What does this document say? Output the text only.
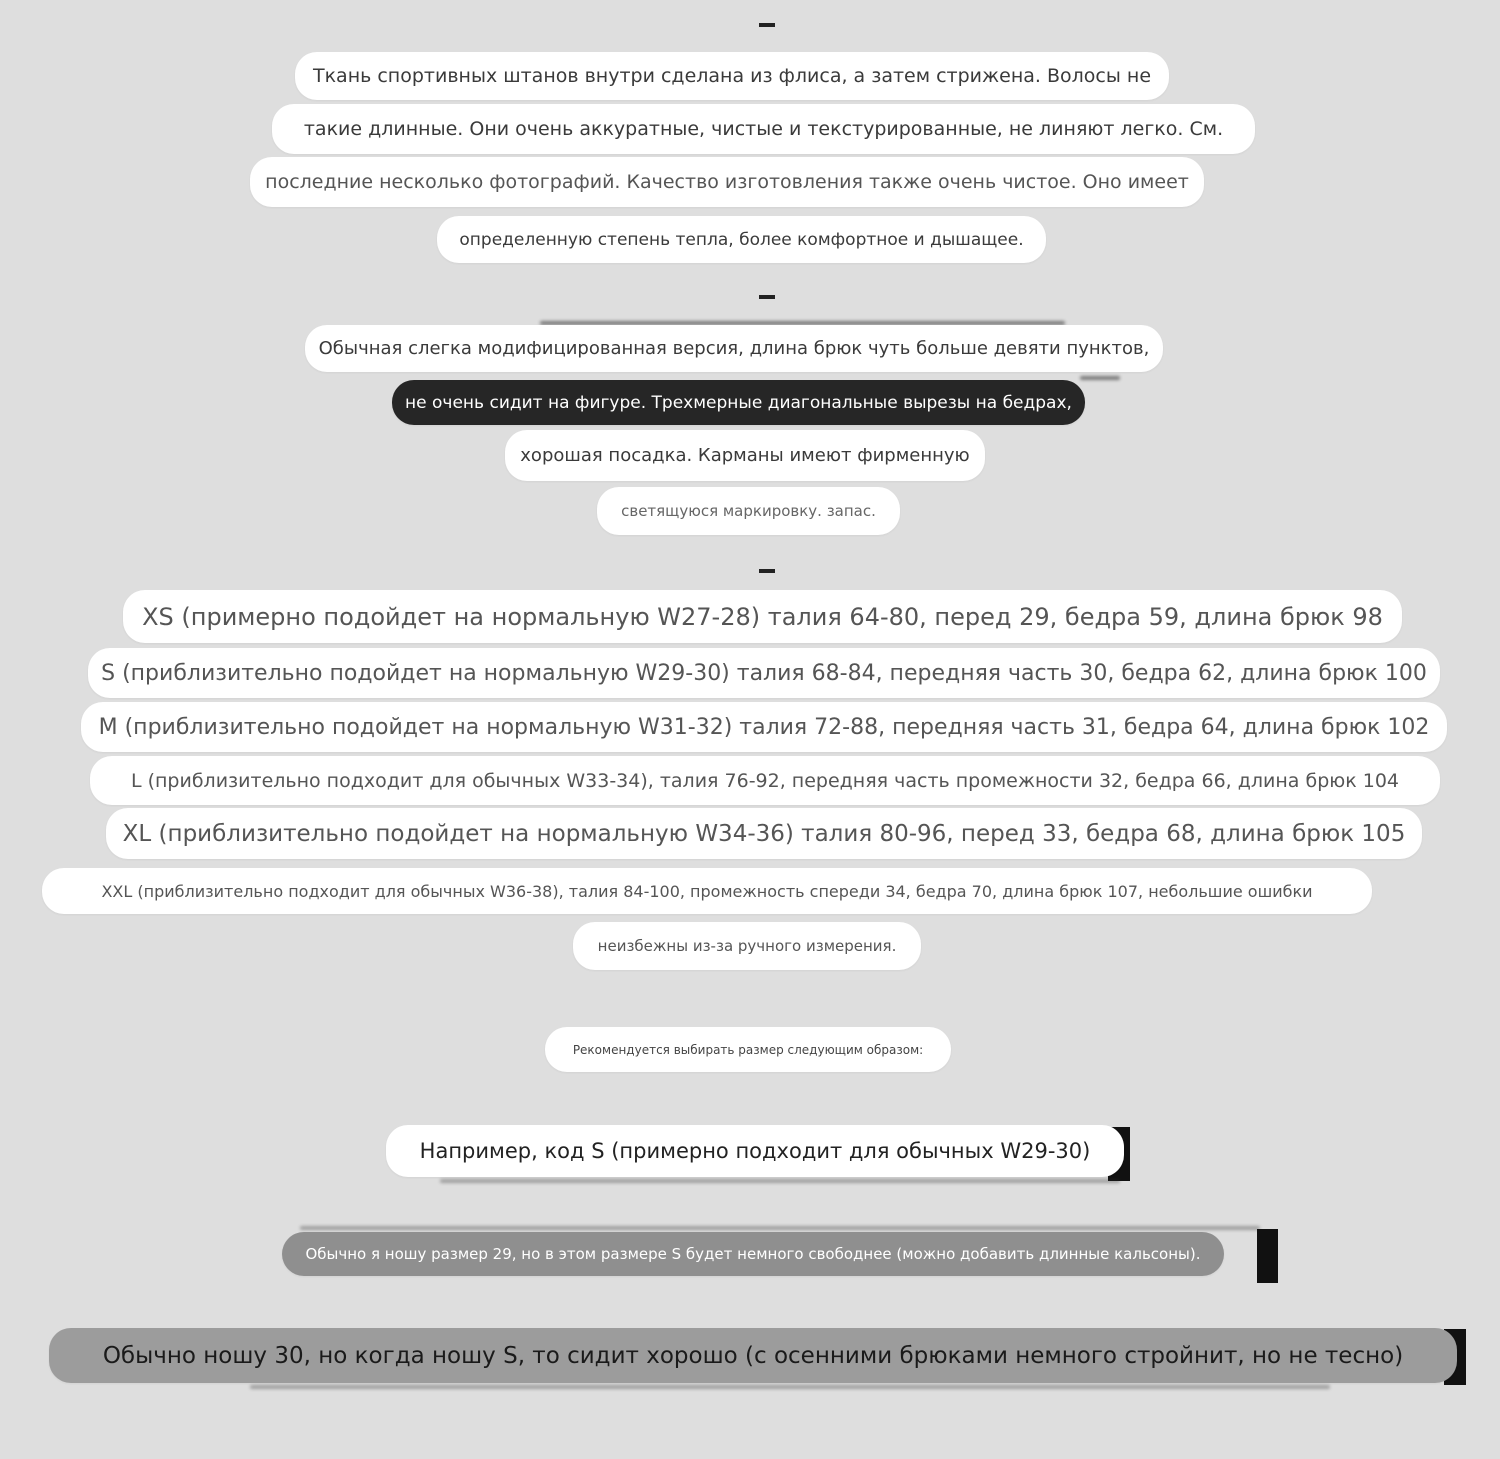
Ткань спортивных штанов внутри сделана из флиса, а затем стрижена. Волосы не
такие длинные. Они очень аккуратные, чистые и текстурированные, не линяют легко. См.
последние несколько фотографий. Качество изготовления также очень чистое. Оно имеет
определенную степень тепла, более комфортное и дышащее.
Обычная слегка модифицированная версия, длина брюк чуть больше девяти пунктов,
не очень сидит на фигуре. Трехмерные диагональные вырезы на бедрах,
хорошая посадка. Карманы имеют фирменную
светящуюся маркировку. запас.
XS (примерно подойдет на нормальную W27-28) талия 64-80, перед 29, бедра 59, длина брюк 98
S (приблизительно подойдет на нормальную W29-30) талия 68-84, передняя часть 30, бедра 62, длина брюк 100
M (приблизительно подойдет на нормальную W31-32) талия 72-88, передняя часть 31, бедра 64, длина брюк 102
L (приблизительно подходит для обычных W33-34), талия 76-92, передняя часть промежности 32, бедра 66, длина брюк 104
XL (приблизительно подойдет на нормальную W34-36) талия 80-96, перед 33, бедра 68, длина брюк 105
XXL (приблизительно подходит для обычных W36-38), талия 84-100, промежность спереди 34, бедра 70, длина брюк 107, небольшие ошибки
неизбежны из-за ручного измерения.
Рекомендуется выбирать размер следующим образом:
Например, код S (примерно подходит для обычных W29-30)
Обычно я ношу размер 29, но в этом размере S будет немного свободнее (можно добавить длинные кальсоны).
Обычно ношу 30, но когда ношу S, то сидит хорошо (с осенними брюками немного стройнит, но не тесно)
